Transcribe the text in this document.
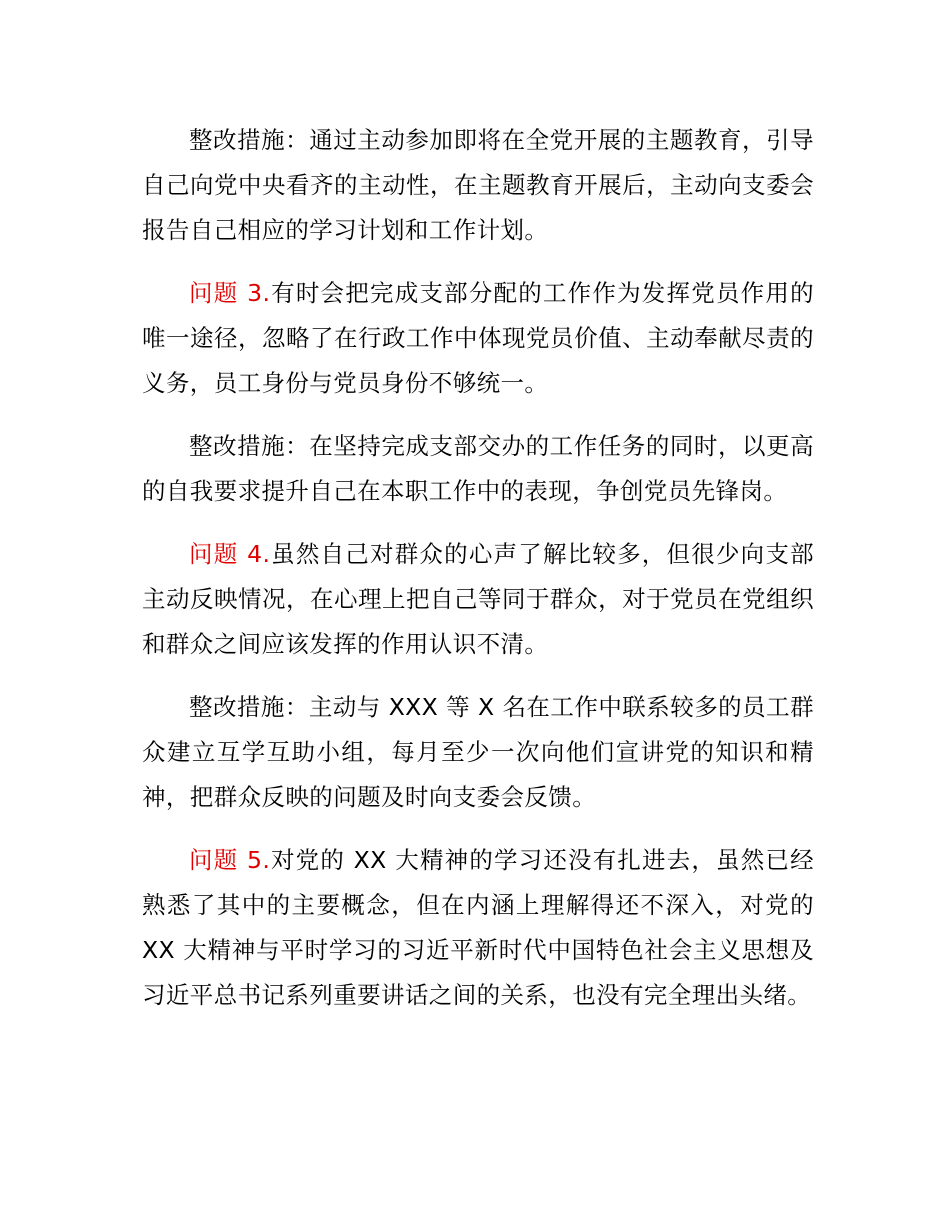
整改措施：通过主动参加即将在全党开展的主题教育，引导自己向党中央看齐的主动性，在主题教育开展后，主动向支委会报告自己相应的学习计划和工作计划。

问题 3.有时会把完成支部分配的工作作为发挥党员作用的唯一途径，忽略了在行政工作中体现党员价值、主动奉献尽责的义务，员工身份与党员身份不够统一。

整改措施：在坚持完成支部交办的工作任务的同时，以更高的自我要求提升自己在本职工作中的表现，争创党员先锋岗。

问题 4.虽然自己对群众的心声了解比较多，但很少向支部主动反映情况，在心理上把自己等同于群众，对于党员在党组织和群众之间应该发挥的作用认识不清。

整改措施：主动与 XXX 等 X 名在工作中联系较多的员工群众建立互学互助小组，每月至少一次向他们宣讲党的知识和精神，把群众反映的问题及时向支委会反馈。

问题 5.对党的 XX 大精神的学习还没有扎进去，虽然已经熟悉了其中的主要概念，但在内涵上理解得还不深入，对党的 XX 大精神与平时学习的习近平新时代中国特色社会主义思想及习近平总书记系列重要讲话之间的关系，也没有完全理出头绪。
